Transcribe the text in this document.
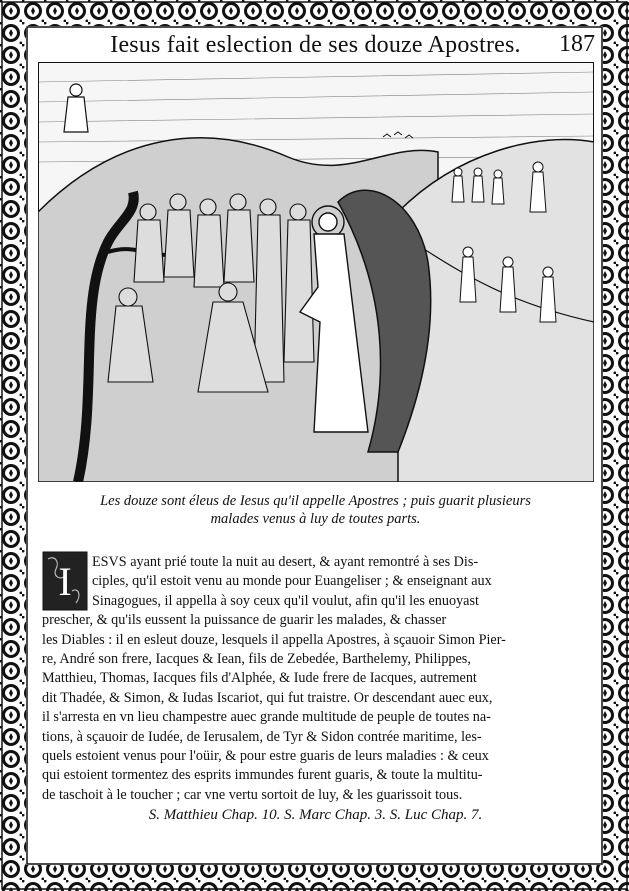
Iesus fait eslection de ses douze Apostres.	187
Les douze sont éleus de Iesus qu'il appelle Apostres ; puis guarit plusieurs
malades venus à luy de toutes parts.
I	ESVS ayant prié toute la nuit au desert, & ayant remontré à ses Dis-
ciples, qu'il estoit venu au monde pour Euangeliser ; & enseignant aux
Sinagogues, il appella à soy ceux qu'il voulut, afin qu'il les enuoyast
prescher, & qu'ils eussent la puissance de guarir les malades, & chasser
les Diables : il en esleut douze, lesquels il appella Apostres, à sçauoir Simon Pier-
re, André son frere, Iacques & Iean, fils de Zebedée, Barthelemy, Philippes,
Matthieu, Thomas, Iacques fils d'Alphée, & Iude frere de Iacques, autrement
dit Thadée, & Simon, & Iudas Iscariot, qui fut traistre. Or descendant auec eux,
il s'arresta en vn lieu champestre auec grande multitude de peuple de toutes na-
tions, à sçauoir de Iudée, de Ierusalem, de Tyr & Sidon contrée maritime, les-
quels estoient venus pour l'oüir, & pour estre guaris de leurs maladies : & ceux
qui estoient tormentez des esprits immundes furent guaris, & toute la multitu-
de taschoit à le toucher ; car vne vertu sortoit de luy, & les guarissoit tous.
S. Matthieu Chap. 10. S. Marc Chap. 3. S. Luc Chap. 7.
